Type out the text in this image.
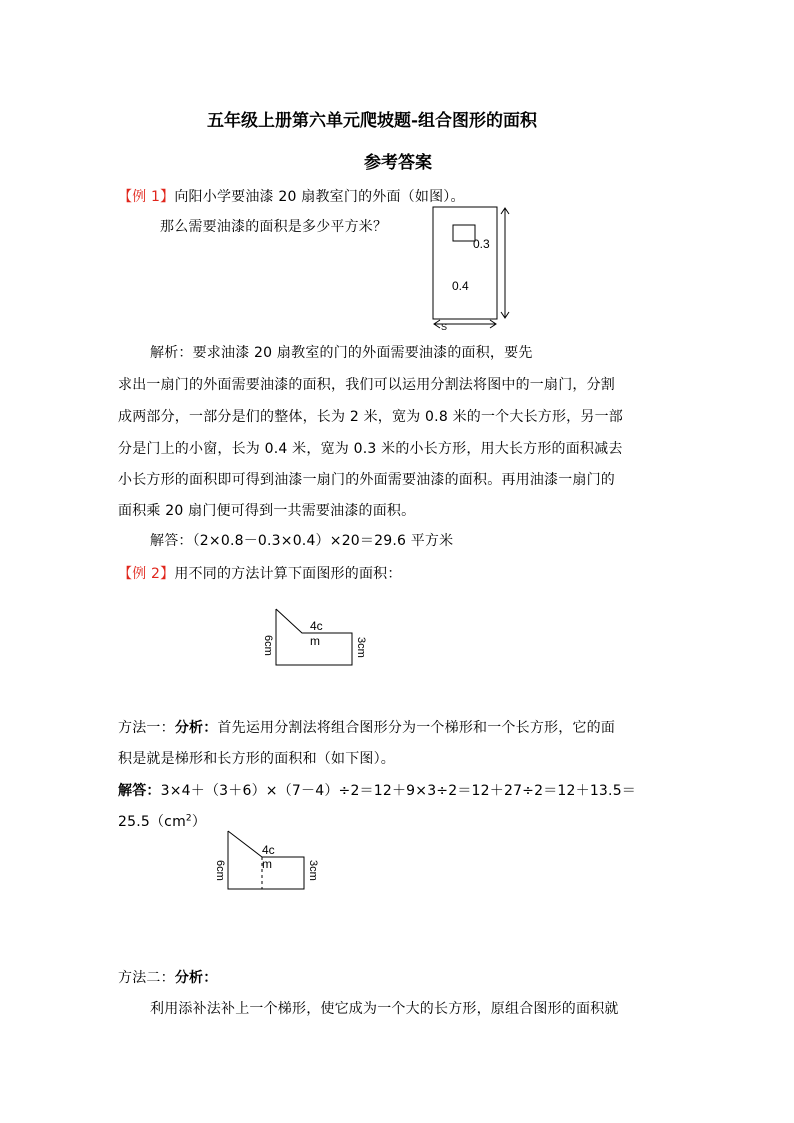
五年级上册第六单元爬坡题-组合图形的面积
参考答案
【例 1】向阳小学要油漆 20 扇教室门的外面（如图）。
那么需要油漆的面积是多少平方米？
0.3
0.4
S
解析：要求油漆 20 扇教室的门的外面需要油漆的面积，要先
求出一扇门的外面需要油漆的面积，我们可以运用分割法将图中的一扇门，分割
成两部分，一部分是们的整体，长为 2 米，宽为 0.8 米的一个大长方形，另一部
分是门上的小窗，长为 0.4 米，宽为 0.3 米的小长方形，用大长方形的面积减去
小长方形的面积即可得到油漆一扇门的外面需要油漆的面积。再用油漆一扇门的
面积乘 20 扇门便可得到一共需要油漆的面积。
解答：（2×0.8－0.3×0.4）×20＝29.6 平方米
【例 2】用不同的方法计算下面图形的面积：
4c
m
6cm	3cm
方法一：分析：首先运用分割法将组合图形分为一个梯形和一个长方形，它的面
积是就是梯形和长方形的面积和（如下图）。
解答：3×4＋（3＋6）×（7－4）÷2＝12＋9×3÷2＝12＋27÷2＝12＋13.5＝
$25.5(cm^2)$
4c
m
6cm	3cm
方法二：分析：
利用添补法补上一个梯形，使它成为一个大的长方形，原组合图形的面积就
